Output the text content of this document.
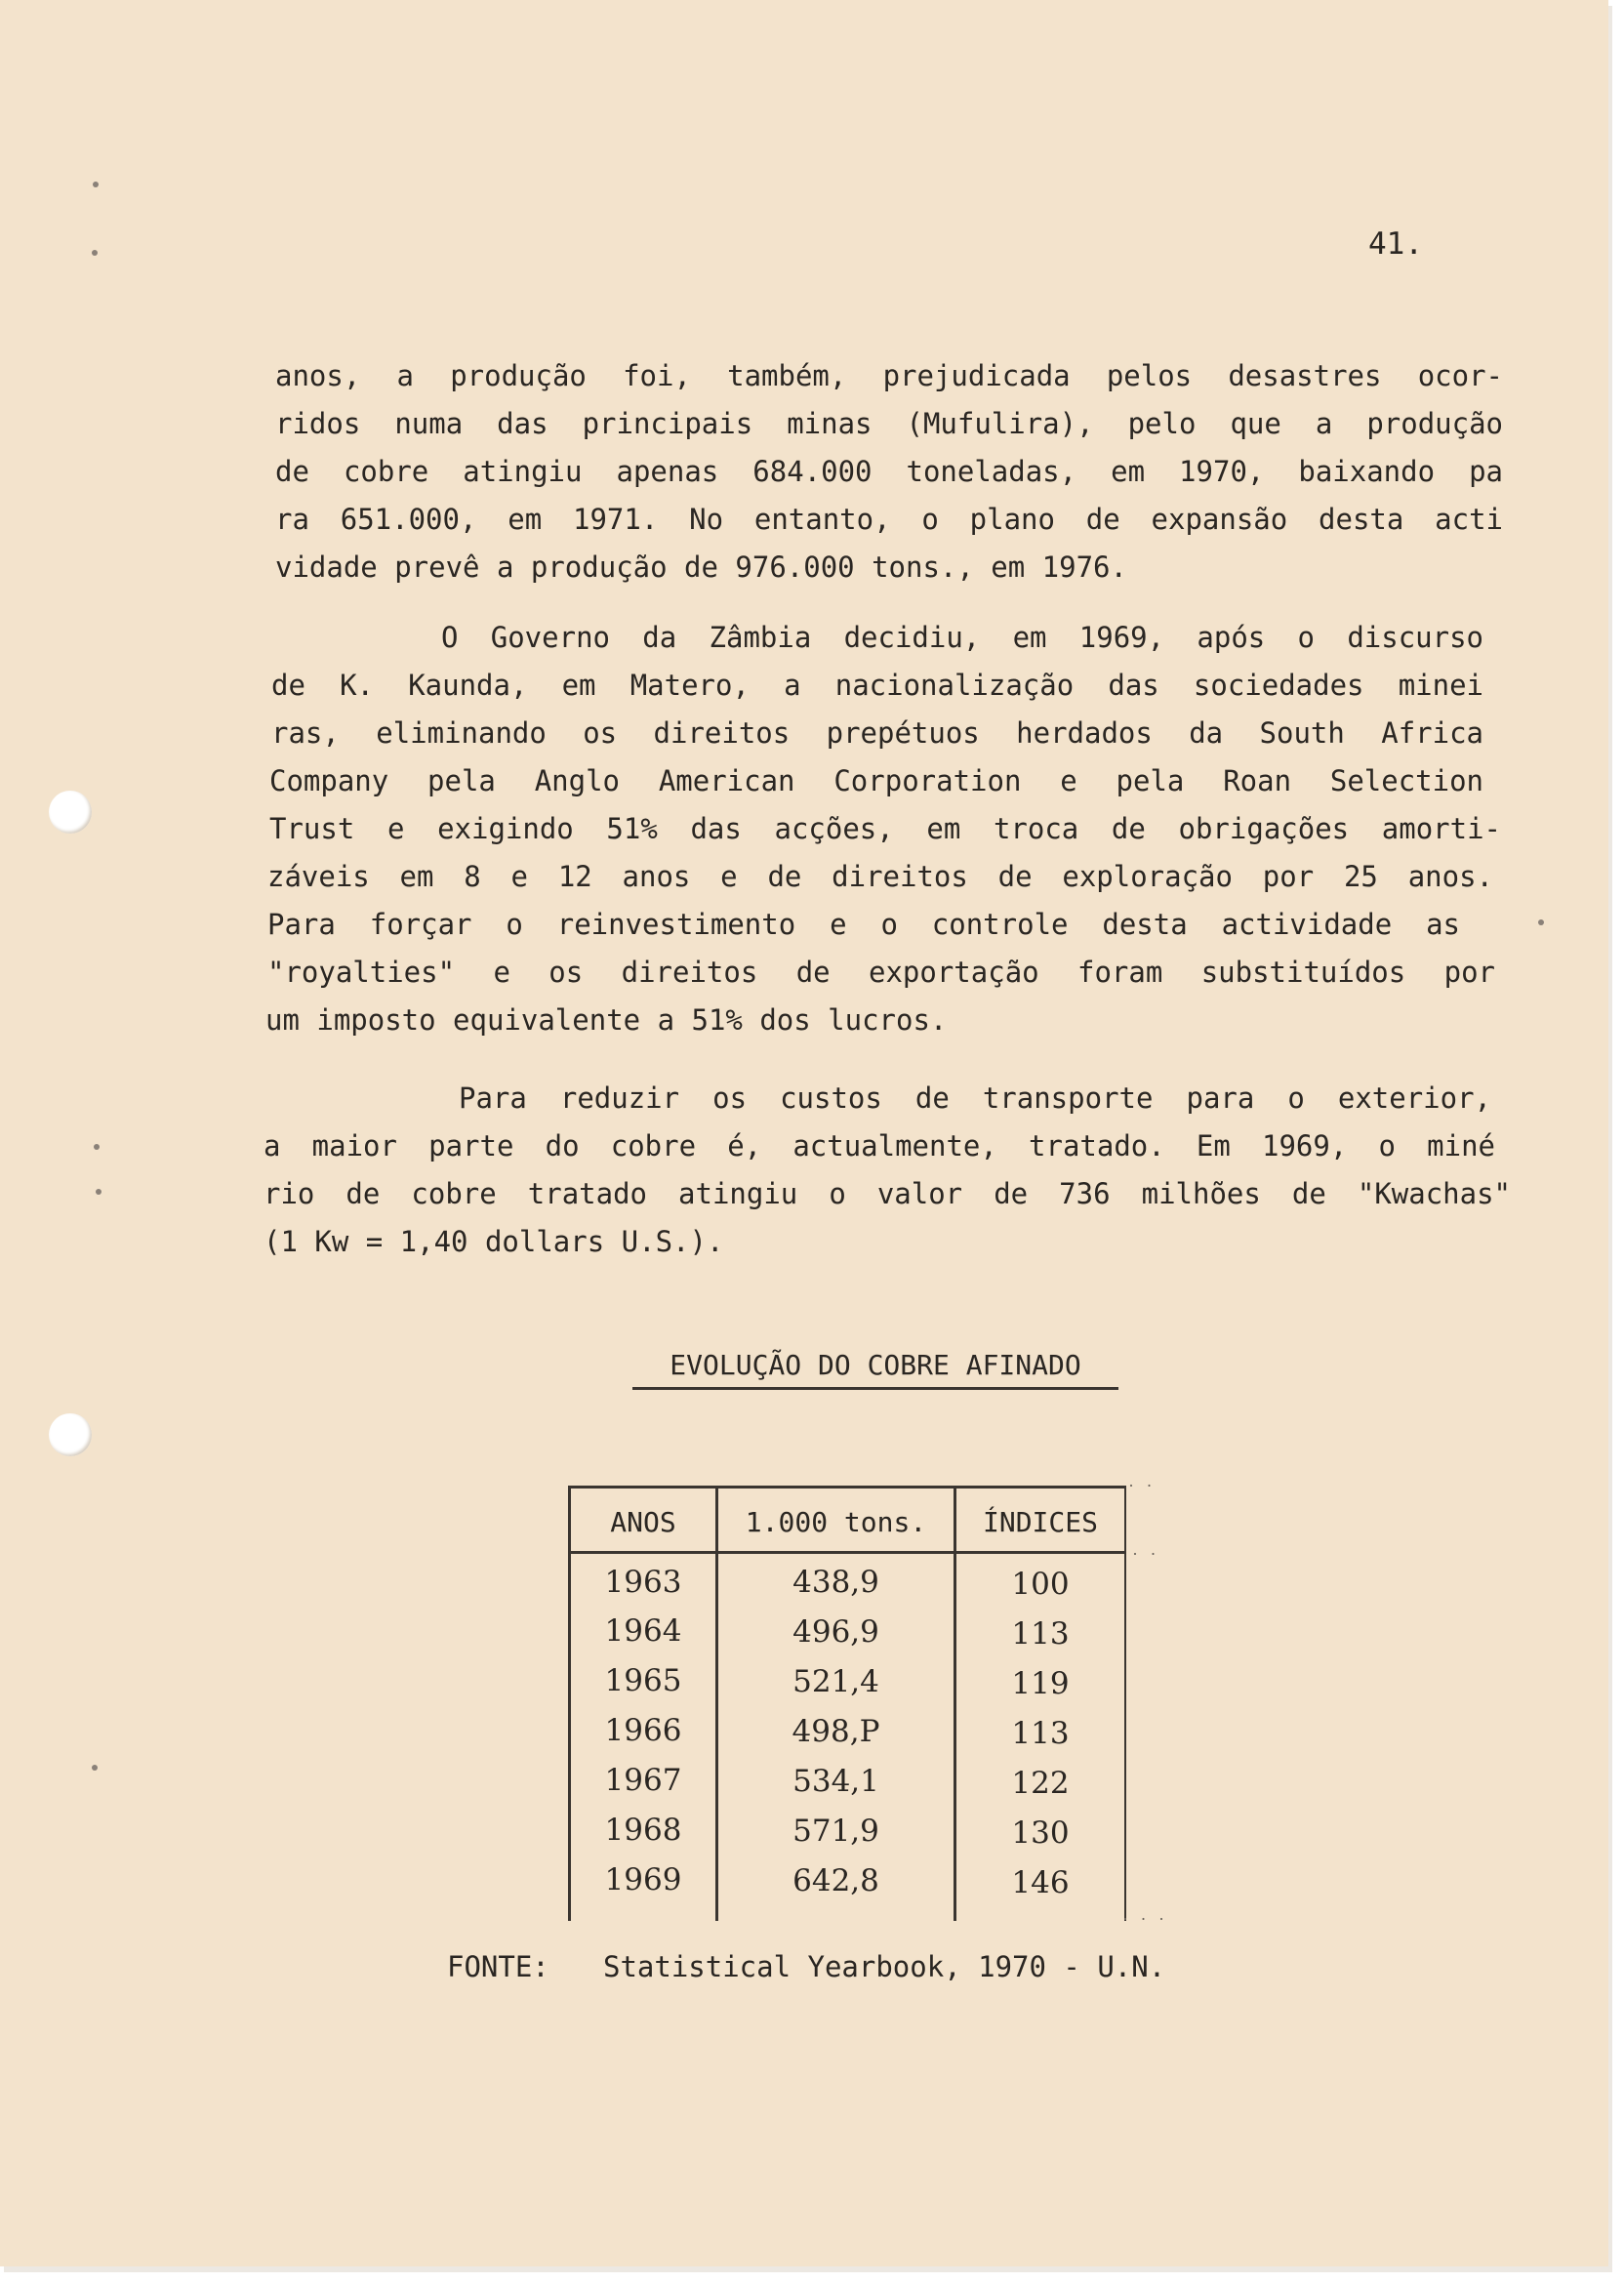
41.
anos, a produção foi, também, prejudicada pelos desastres ocor-
ridos numa das principais minas (Mufulira), pelo que a produção
de cobre atingiu apenas 684.000 toneladas, em 1970, baixando pa
ra 651.000, em 1971. No entanto, o plano de expansão desta acti
vidade prevê a produção de 976.000 tons., em 1976.
O Governo da Zâmbia decidiu, em 1969, após o discurso
de K. Kaunda, em Matero, a nacionalização das sociedades minei
ras, eliminando os direitos prepétuos herdados da South Africa
Company pela Anglo American Corporation e pela Roan Selection
Trust e exigindo 51% das acções, em troca de obrigações amorti-
záveis em 8 e 12 anos e de direitos de exploração por 25 anos.
Para forçar o reinvestimento e o controle desta actividade as
"royalties" e os direitos de exportação foram substituídos por
um imposto equivalente a 51% dos lucros.
Para reduzir os custos de transporte para o exterior,
a maior parte do cobre é, actualmente, tratado. Em 1969, o miné
rio de cobre tratado atingiu o valor de 736 milhões de "Kwachas"
(1 Kw = 1,40 dollars U.S.).
EVOLUÇÃO DO COBRE AFINADO
ANOS	1.000 tons.	ÍNDICES
1963	438,9	100
1964	496,9	113
1965	521,4	119
1966	498,P	113
1967	534,1	122
1968	571,9	130
1969	642,8	146
· ·
· ·
· · ·
FONTE: Statistical Yearbook, 1970 - U.N.
